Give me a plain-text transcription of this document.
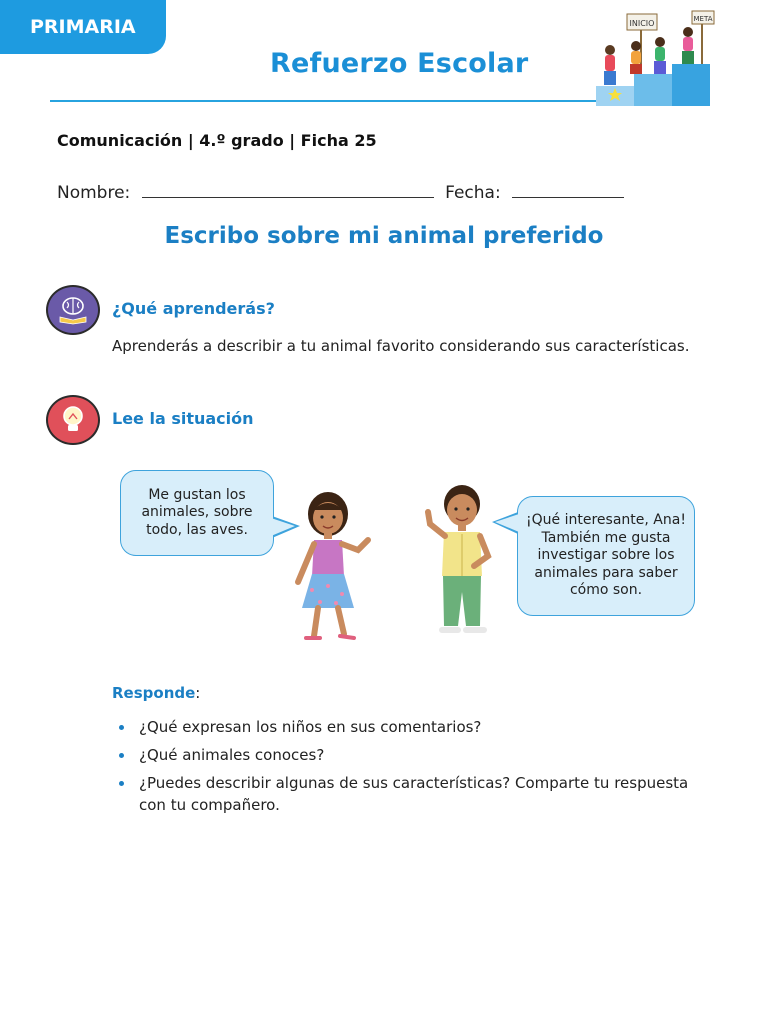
PRIMARIA
Refuerzo Escolar
INICIO	META
Comunicación | 4.º grado | Ficha 25
Nombre:	Fecha:
Escribo sobre mi animal preferido
¿Qué aprenderás?
Aprenderás a describir a tu animal favorito considerando sus características.
Lee la situación
Me gustan los animales, sobre todo, las aves.
¡Qué interesante, Ana! También me gusta investigar sobre los animales para saber cómo son.
Responde:
¿Qué expresan los niños en sus comentarios?
¿Qué animales conoces?
¿Puedes describir algunas de sus características? Comparte tu respuesta con tu compañero.
